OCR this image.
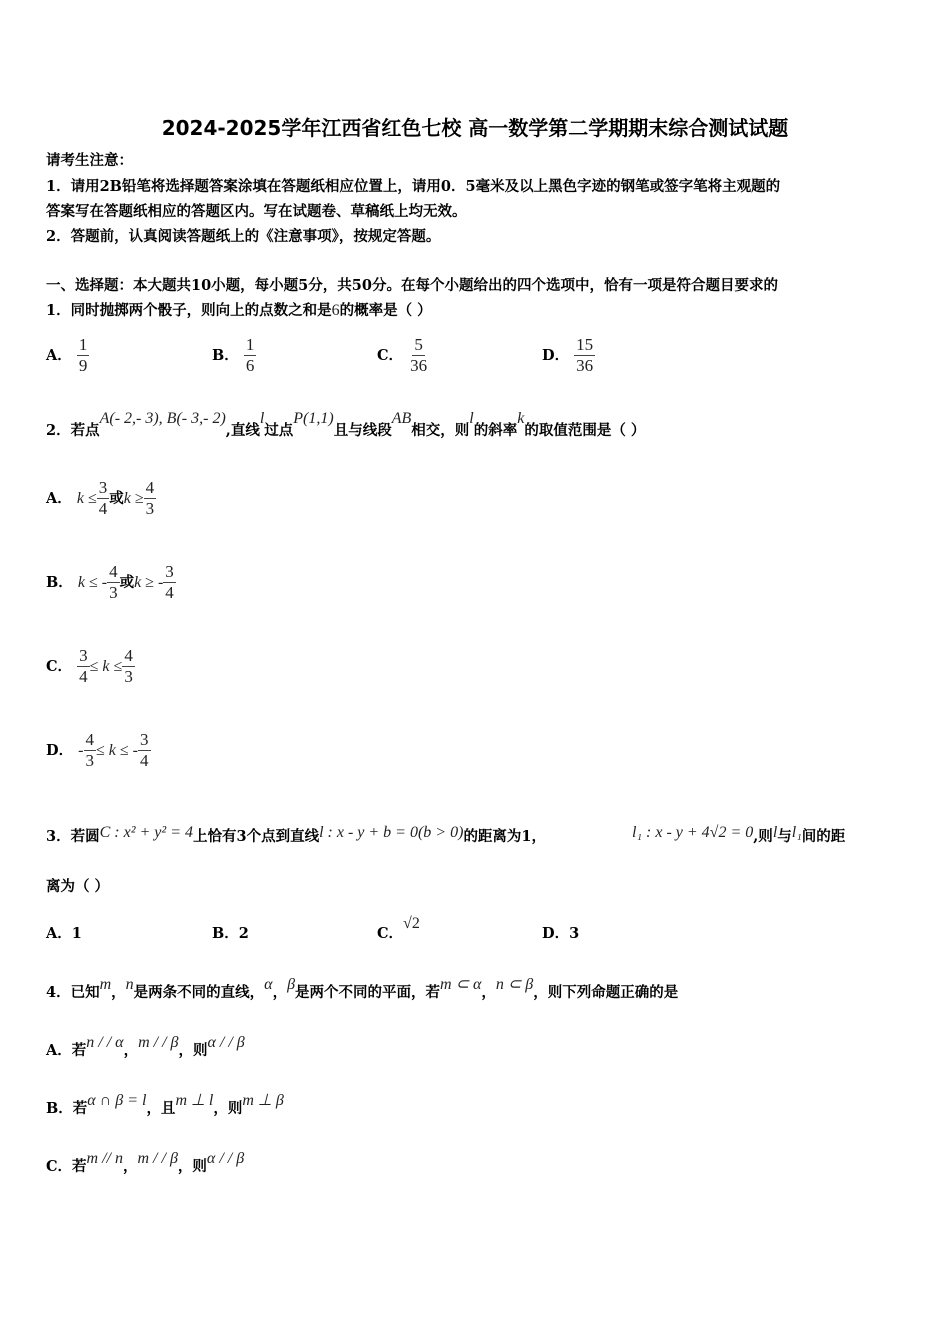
2024-2025学年江西省红色七校 高一数学第二学期期末综合测试试题
请考生注意：
1．请用2B铅笔将选择题答案涂填在答题纸相应位置上，请用0．5毫米及以上黑色字迹的钢笔或签字笔将主观题的
答案写在答题纸相应的答题区内。写在试题卷、草稿纸上均无效。
2．答题前，认真阅读答题纸上的《注意事项》，按规定答题。
一、选择题：本大题共10小题，每小题5分，共50分。在每个小题给出的四个选项中，恰有一项是符合题目要求的
1．同时抛掷两个骰子，则向上的点数之和是6的概率是（ ）
A． $\frac{1}{9}$	B． $\frac{1}{6}$	C． $\frac{5}{36}$	D． $\frac{15}{36}$
2．若点A(- 2,- 3), B(- 3,- 2),直线l过点P(1,1)且与线段AB相交，则l的斜率k的取值范围是（ ）
A． $k \le \frac{3}{4}$ 或$k \ge \frac{4}{3}$
B． k ≤ - $\frac{4}{3}$ 或k ≥ - $\frac{3}{4}$
C． $\frac{3}{4} \le k \le \frac{4}{3}$
D． - $\frac{4}{3} \le k$ ≤ - $\frac{3}{4}$
3．若圆C : x² + y² = 4上恰有3个点到直线l : x - y + b = 0(b > 0)的距离为1，	l₁ : x - y + 4√2 = 0,则l与l₁间的距
离为（ ）
A．1	B．2	C．√2
D．3
4．已知m，n是两条不同的直线，α，β是两个不同的平面，若m ⊂ α，n ⊂ β，则下列命题正确的是
A．若n / / α，m / / β，则α / / β
B．若α ∩ β = l，且m ⊥ l，则m ⊥ β
C．若m // n，m / / β，则α / / β
